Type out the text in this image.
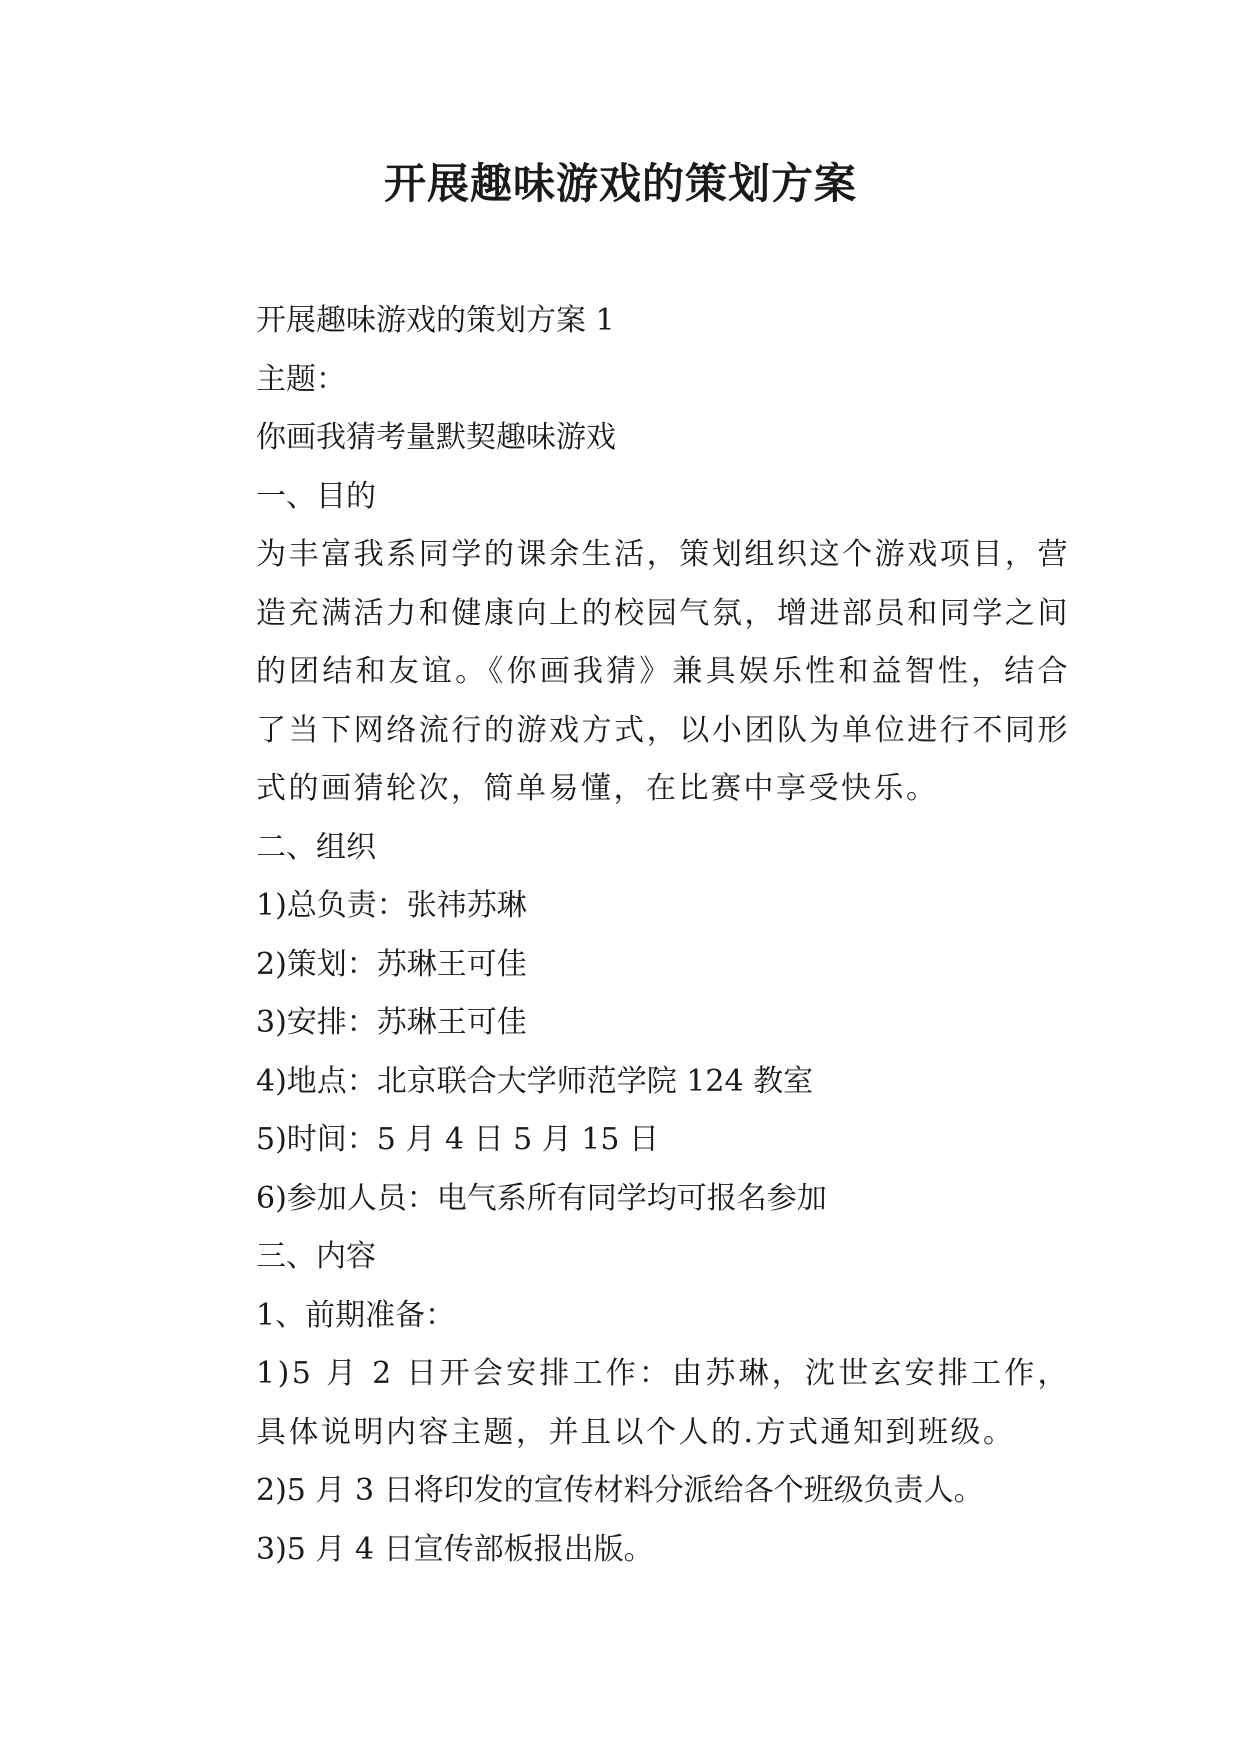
开展趣味游戏的策划方案

开展趣味游戏的策划方案 1

主题：

你画我猜考量默契趣味游戏

一、目的

为丰富我系同学的课余生活，策划组织这个游戏项目，营造充满活力和健康向上的校园气氛，增进部员和同学之间的团结和友谊。《你画我猜》兼具娱乐性和益智性，结合了当下网络流行的游戏方式，以小团队为单位进行不同形式的画猜轮次，简单易懂，在比赛中享受快乐。

二、组织

1)总负责：张祎苏琳

2)策划：苏琳王可佳

3)安排：苏琳王可佳

4)地点：北京联合大学师范学院 124 教室

5)时间：5 月 4 日 5 月 15 日

6)参加人员：电气系所有同学均可报名参加

三、内容

1、前期准备：

1)5 月 2 日开会安排工作：由苏琳，沈世玄安排工作，具体说明内容主题，并且以个人的.方式通知到班级。

2)5 月 3 日将印发的宣传材料分派给各个班级负责人。

3)5 月 4 日宣传部板报出版。
